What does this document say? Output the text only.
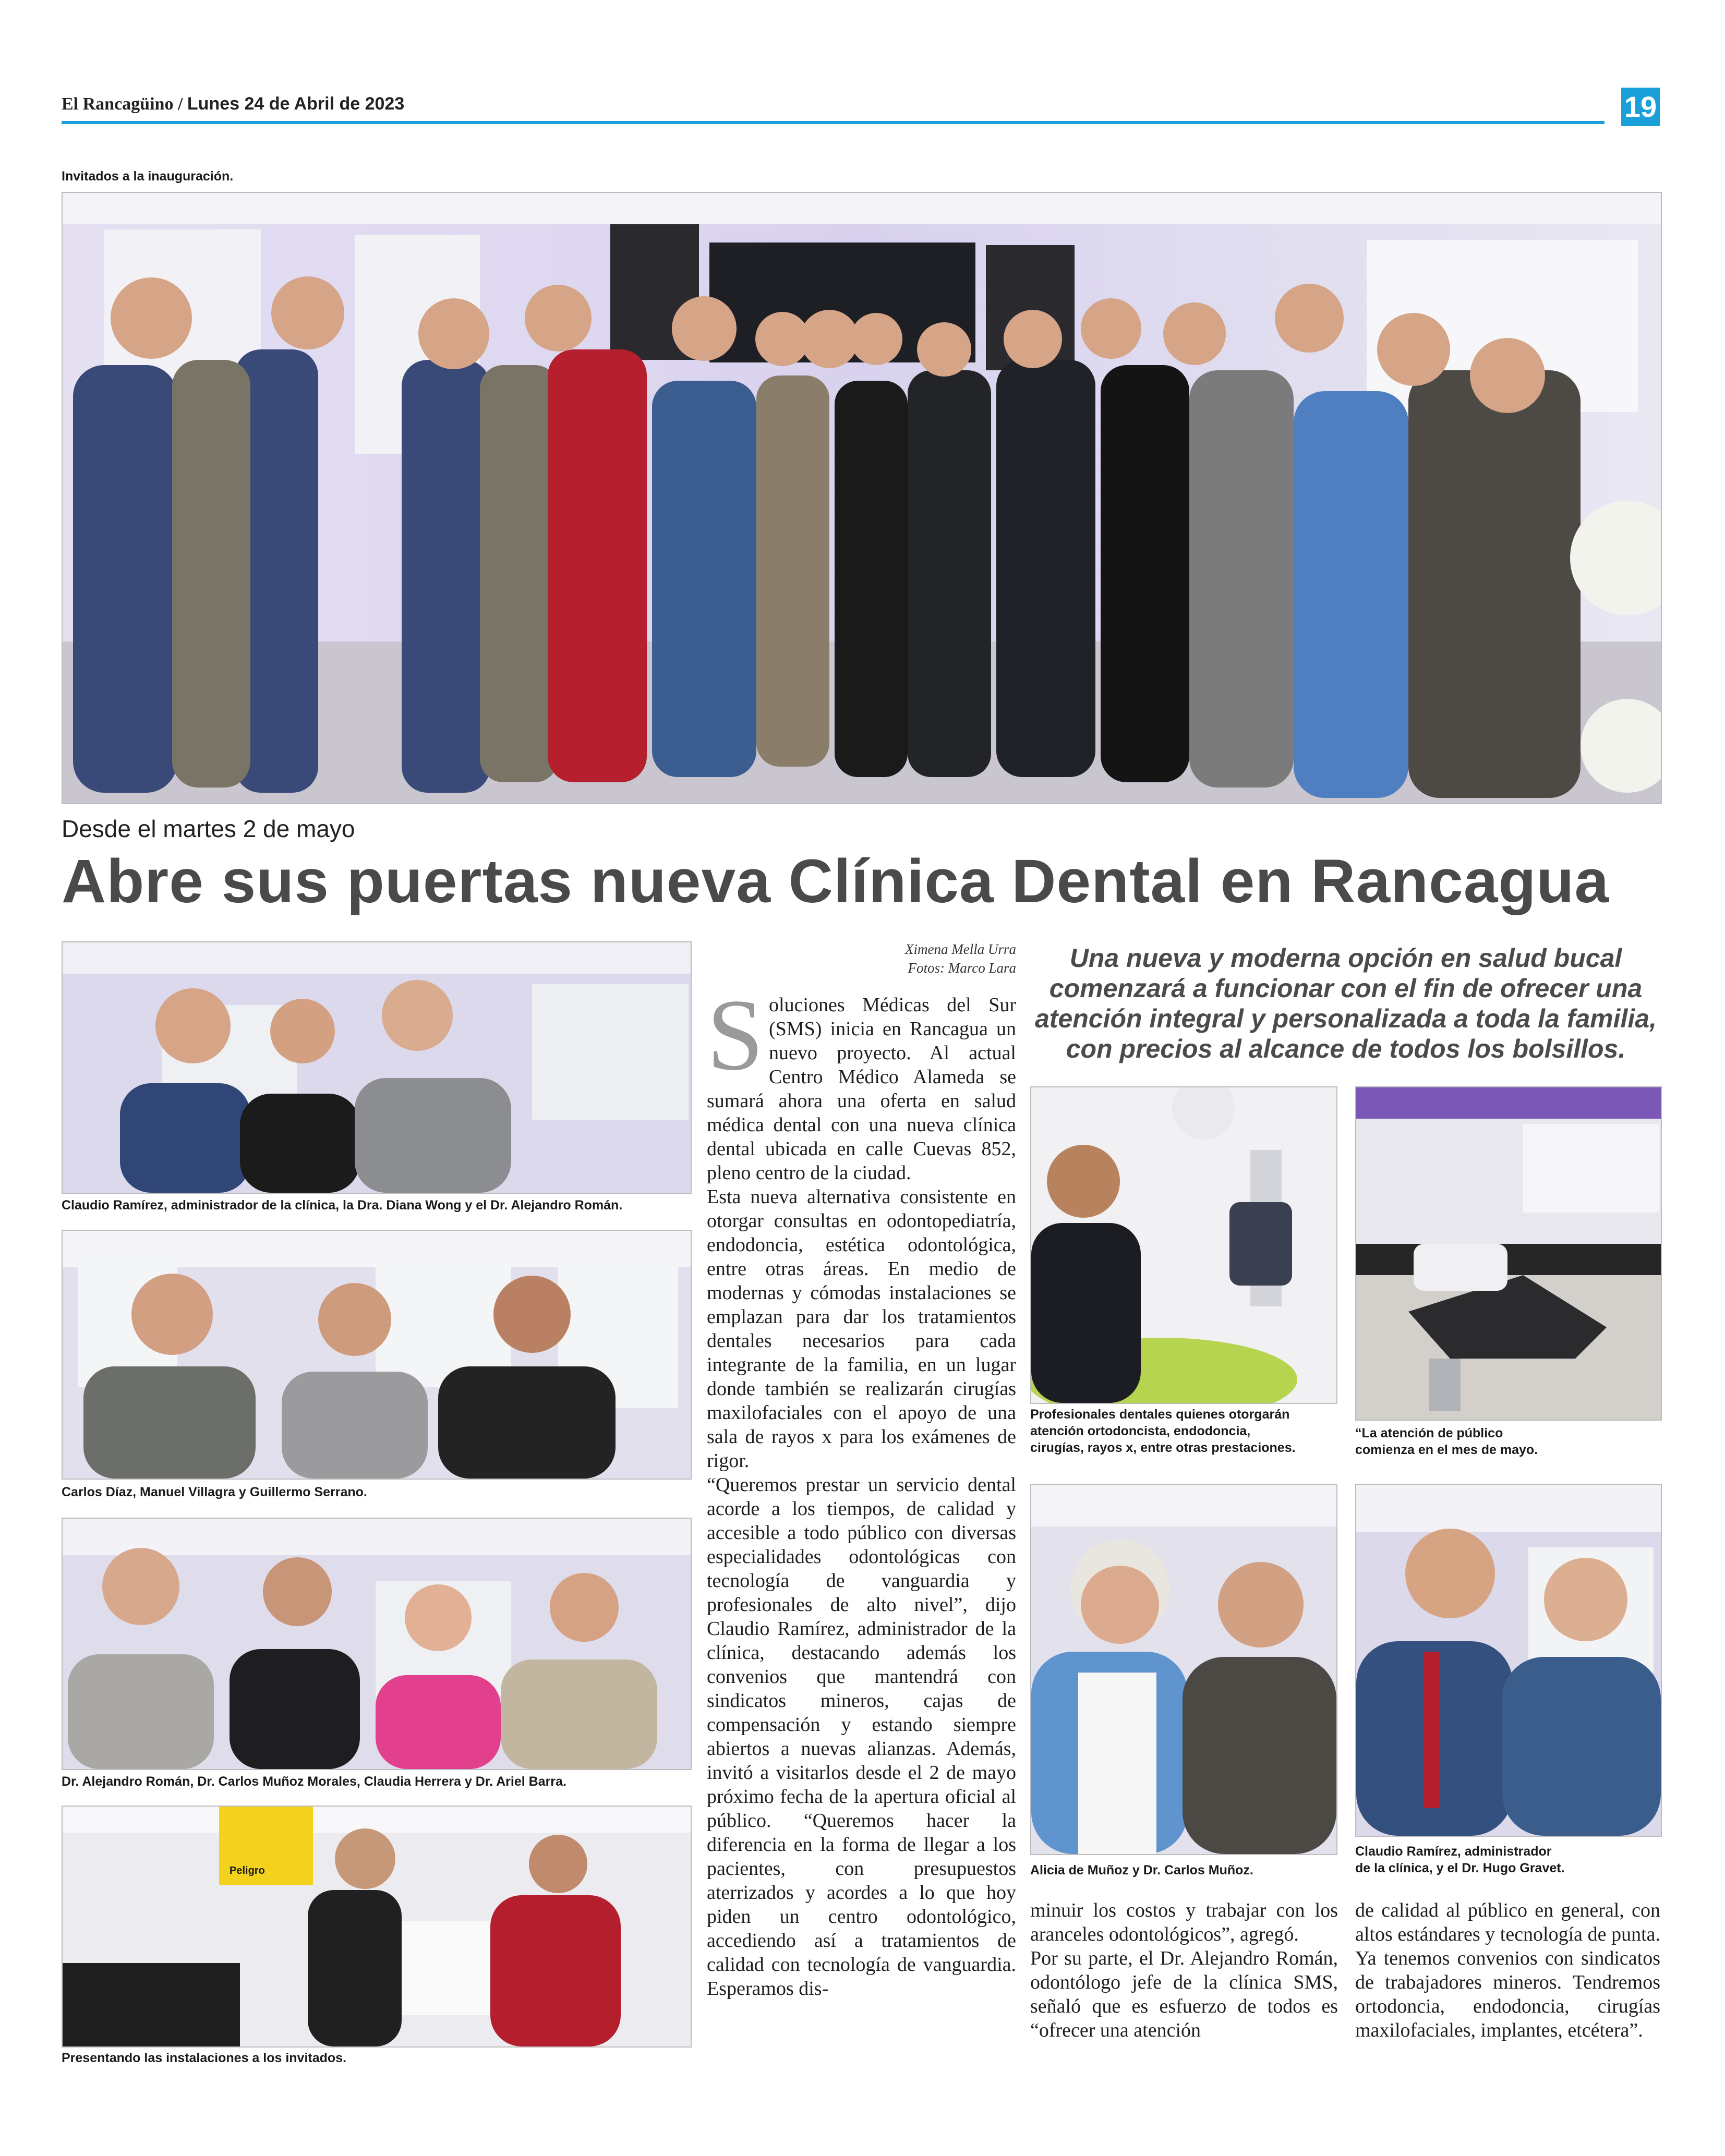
El Rancagüino / Lunes 24 de Abril de 2023	19
Invitados a la inauguración.
Desde el martes 2 de mayo
Abre sus puertas nueva Clínica Dental en Rancagua
Claudio Ramírez, administrador de la clínica, la Dra. Diana Wong y el Dr. Alejandro Román.
Carlos Díaz, Manuel Villagra y Guillermo Serrano.
Dr. Alejandro Román, Dr. Carlos Muñoz Morales, Claudia Herrera y Dr. Ariel Barra.
Peligro
Presentando las instalaciones a los invitados.
Ximena Mella Urra
Fotos: Marco Lara

Soluciones Médicas del Sur (SMS) inicia en Rancagua un nuevo proyecto. Al actual Centro Médico Alameda se sumará ahora una oferta en salud médica dental con una nueva clínica dental ubicada en calle Cuevas 852, pleno centro de la ciudad.

Esta nueva alternativa consistente en otorgar consultas en odontopediatría, endodoncia, estética odontológica, entre otras áreas. En medio de modernas y cómodas instalaciones se emplazan para dar los tratamientos dentales necesarios para cada integrante de la familia, en un lugar donde también se realizarán cirugías maxilofaciales con el apoyo de una sala de rayos x para los exámenes de rigor.

“Queremos prestar un servicio dental acorde a los tiempos, de calidad y accesible a todo público con diversas especialidades odontológicas con tecnología de vanguardia y profesionales de alto nivel”, dijo Claudio Ramírez, administrador de la clínica, destacando además los convenios que mantendrá con sindicatos mineros, cajas de compensación y estando siempre abiertos a nuevas alianzas. Además, invitó a visitarlos desde el 2 de mayo próximo fecha de la apertura oficial al público. “Queremos hacer la diferencia en la forma de llegar a los pacientes, con presupuestos aterrizados y acordes a lo que hoy piden un centro odontológico, accediendo así a tratamientos de calidad con tecnología de vanguardia. Esperamos dis-

Una nueva y moderna opción en salud bucal comenzará a funcionar con el fin de ofrecer una atención integral y personalizada a toda la familia, con precios al alcance de todos los bolsillos.
Profesionales dentales quienes otorgarán
atención ortodoncista, endodoncia,
cirugías, rayos x, entre otras prestaciones.
“La atención de público
comienza en el mes de mayo.
Alicia de Muñoz y Dr. Carlos Muñoz.
Claudio Ramírez, administrador
de la clínica, y el Dr. Hugo Gravet.

minuir los costos y trabajar con los aranceles odontológicos”, agregó.

Por su parte, el Dr. Alejandro Román, odontólogo jefe de la clínica SMS, señaló que es esfuerzo de todos es “ofrecer una atención

de calidad al público en general, con altos estándares y tecnología de punta. Ya tenemos convenios con sindicatos de trabajadores mineros. Tendremos ortodoncia, endodoncia, cirugías maxilofaciales, implantes, etcétera”.
